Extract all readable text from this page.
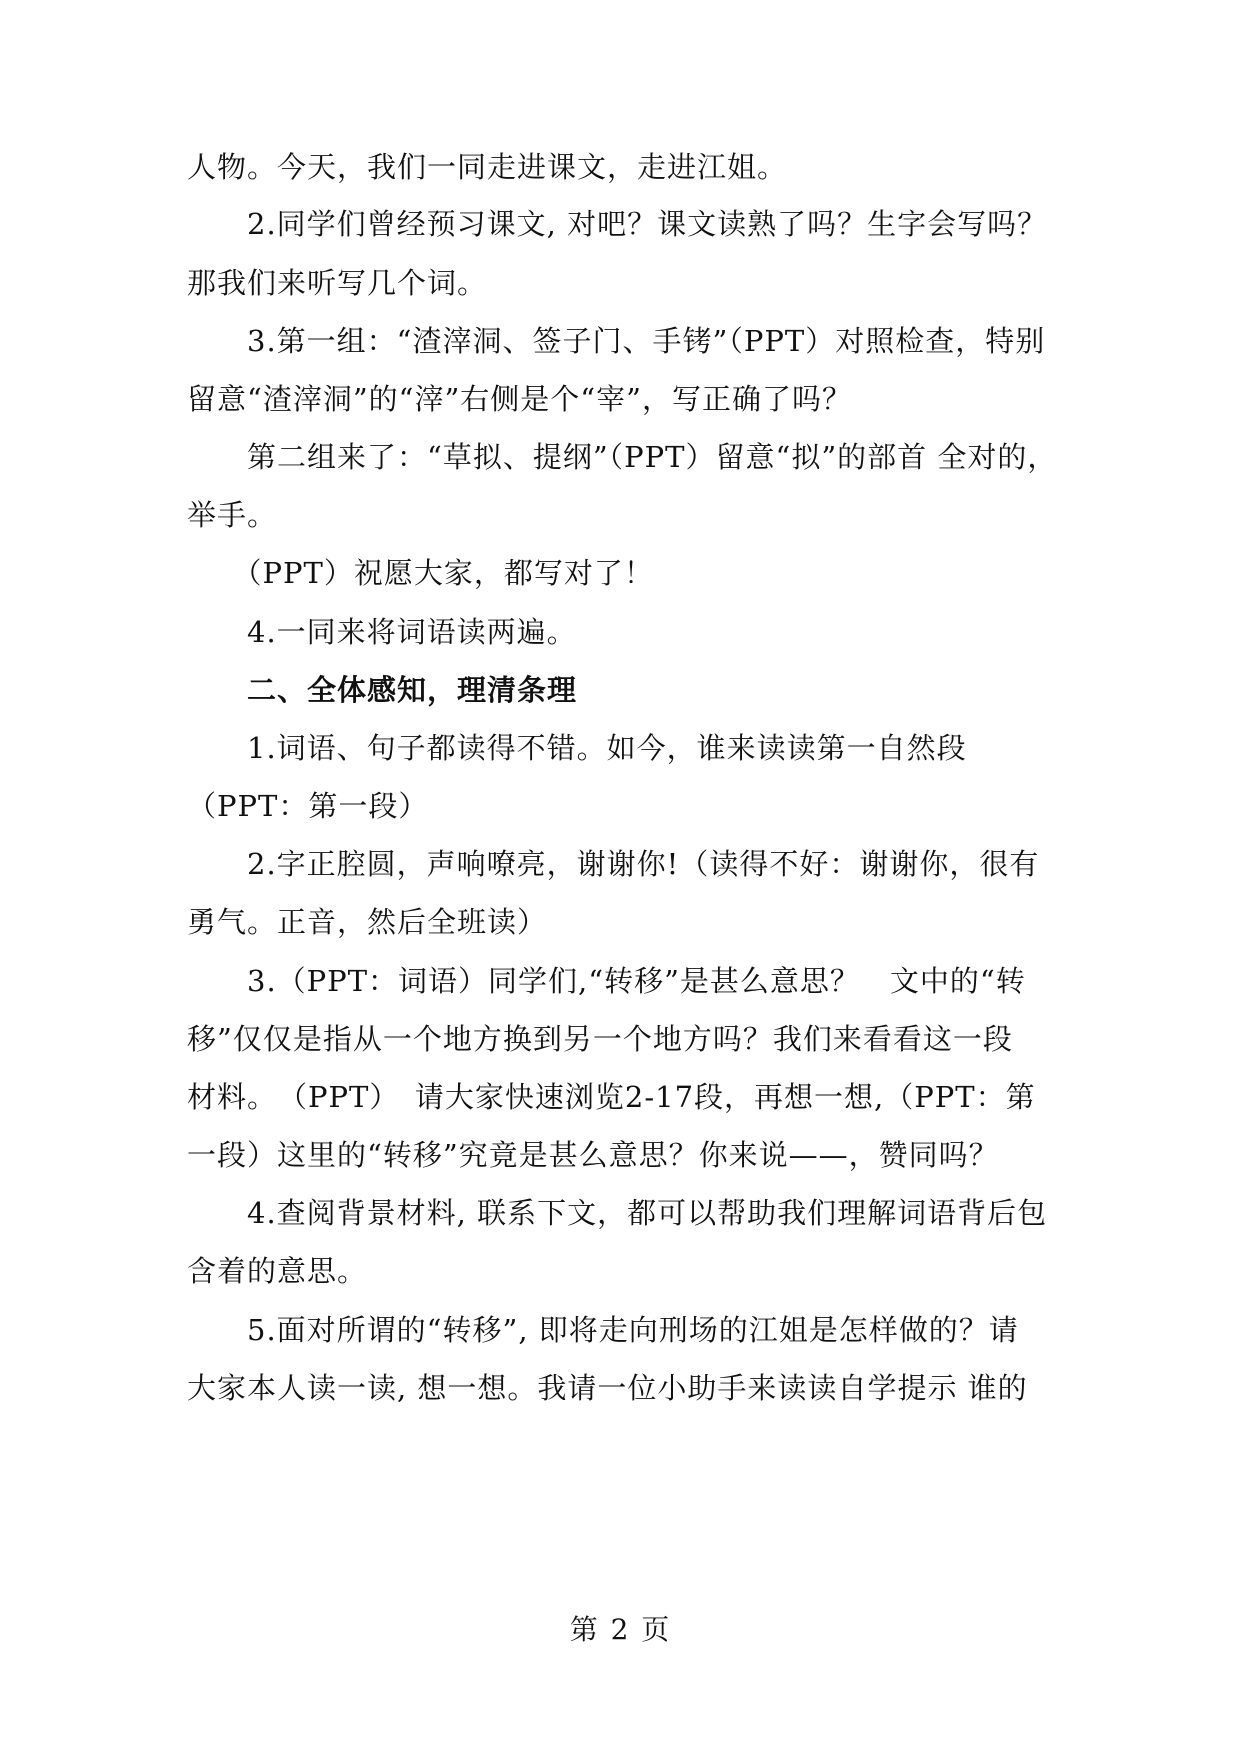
人物。今天，我们一同走进课文，走进江姐。
　　2.同学们曾经预习课文, 对吧？课文读熟了吗？生字会写吗？
那我们来听写几个词。
　　3.第一组：“渣滓洞、签子门、手铐”（PPT）对照检查，特别
留意“渣滓洞”的“滓”右侧是个“宰”，写正确了吗？
　　第二组来了：“草拟、提纲”（PPT）留意“拟”的部首 全对的，
举手。
　　（PPT）祝愿大家，都写对了！
　　4.一同来将词语读两遍。
　　二、全体感知，理清条理
　　1.词语、句子都读得不错。如今，谁来读读第一自然段
（PPT：第一段）
　　2.字正腔圆，声响嘹亮，谢谢你!（读得不好：谢谢你，很有
勇气。正音，然后全班读）
　　3.（PPT：词语）同学们,“转移”是甚么意思？　文中的“转
移”仅仅是指从一个地方换到另一个地方吗？我们来看看这一段
材料。　（PPT）　请大家快速浏览2-17段，再想一想,（PPT：第
一段）这里的“转移”究竟是甚么意思？你来说——，赞同吗？
　　4.查阅背景材料, 联系下文，都可以帮助我们理解词语背后包
含着的意思。
　　5.面对所谓的“转移”, 即将走向刑场的江姐是怎样做的？请
大家本人读一读, 想一想。我请一位小助手来读读自学提示 谁的
第 2 页
